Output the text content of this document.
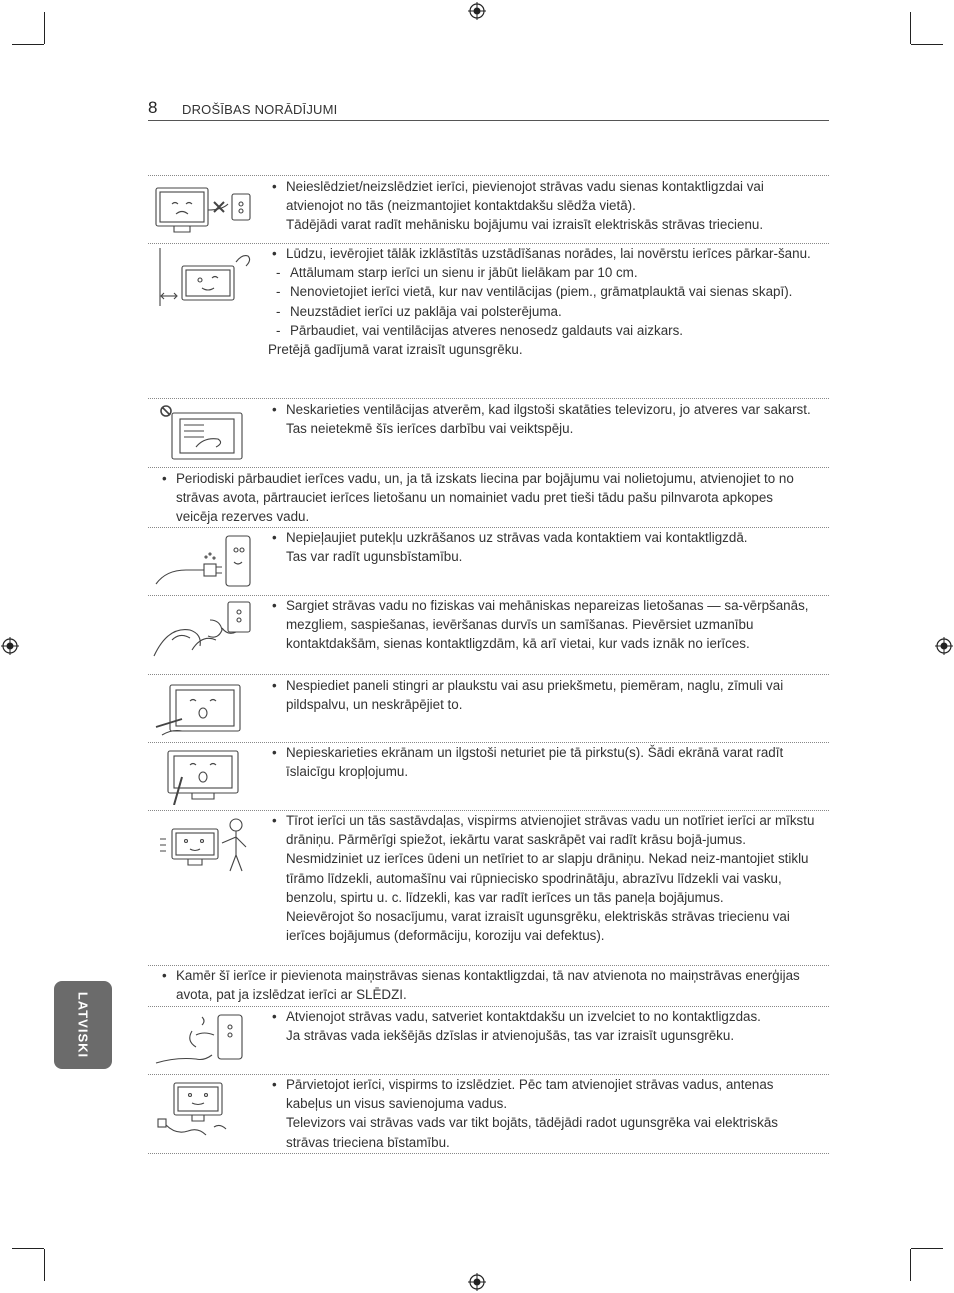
8 DROŠĪBAS NORĀDĪJUMI
LATVISKI

• Neieslēdziet/neizslēdziet ierīci, pievienojot strāvas vadu sienas kontaktligzdai vai atvienojot no tās (neizmantojiet kontaktdakšu slēdža vietā).

Tādējādi varat radīt mehānisku bojājumu vai izraisīt elektriskās strāvas triecienu.

• Lūdzu, ievērojiet tālāk izklāstītās uzstādīšanas norādes, lai novērstu ierīces pārkar-šanu.

- Attālumam starp ierīci un sienu ir jābūt lielākam par 10 cm.

- Nenovietojiet ierīci vietā, kur nav ventilācijas (piem., grāmatplauktā vai sienas skapī).

- Neuzstādiet ierīci uz paklāja vai polsterējuma.

- Pārbaudiet, vai ventilācijas atveres nenosedz galdauts vai aizkars.

Pretējā gadījumā varat izraisīt ugunsgrēku.

• Neskarieties ventilācijas atverēm, kad ilgstoši skatāties televizoru, jo atveres var sakarst. Tas neietekmē šīs ierīces darbību vai veiktspēju.

• Periodiski pārbaudiet ierīces vadu, un, ja tā izskats liecina par bojājumu vai nolietojumu, atvienojiet to no strāvas avota, pārtrauciet ierīces lietošanu un nomainiet vadu pret tieši tādu pašu pilnvarota apkopes veicēja rezerves vadu.

• Nepieļaujiet putekļu uzkrāšanos uz strāvas vada kontaktiem vai kontaktligzdā.

Tas var radīt ugunsbīstamību.

• Sargiet strāvas vadu no fiziskas vai mehāniskas nepareizas lietošanas — sa-vērpšanās, mezgliem, saspiešanas, ievēršanas durvīs un samīšanas. Pievērsiet uzmanību kontaktdakšām, sienas kontaktligzdām, kā arī vietai, kur vads iznāk no ierīces.

• Nespiediet paneli stingri ar plaukstu vai asu priekšmetu, piemēram, naglu, zīmuli vai pildspalvu, un neskrāpējiet to.

• Nepieskarieties ekrānam un ilgstoši neturiet pie tā pirkstu(s). Šādi ekrānā varat radīt īslaicīgu kropļojumu.

• Tīrot ierīci un tās sastāvdaļas, vispirms atvienojiet strāvas vadu un notīriet ierīci ar mīkstu drāniņu. Pārmērīgi spiežot, iekārtu varat saskrāpēt vai radīt krāsu bojā-jumus. Nesmidziniet uz ierīces ūdeni un netīriet to ar slapju drāniņu. Nekad neiz-mantojiet stiklu tīrāmo līdzekli, automašīnu vai rūpniecisko spodrinātāju, abrazīvu līdzekli vai vasku, benzolu, spirtu u. c. līdzekli, kas var radīt ierīces un tās paneļa bojājumus.

Neievērojot šo nosacījumu, varat izraisīt ugunsgrēku, elektriskās strāvas triecienu vai ierīces bojājumus (deformāciju, koroziju vai defektus).

• Kamēr šī ierīce ir pievienota maiņstrāvas sienas kontaktligzdai, tā nav atvienota no maiņstrāvas enerģijas avota, pat ja izslēdzat ierīci ar SLĒDZI.

• Atvienojot strāvas vadu, satveriet kontaktdakšu un izvelciet to no kontaktligzdas.

Ja strāvas vada iekšējās dzīslas ir atvienojušās, tas var izraisīt ugunsgrēku.

• Pārvietojot ierīci, vispirms to izslēdziet. Pēc tam atvienojiet strāvas vadus, antenas kabeļus un visus savienojuma vadus.

Televizors vai strāvas vads var tikt bojāts, tādējādi radot ugunsgrēka vai elektriskās strāvas trieciena bīstamību.
